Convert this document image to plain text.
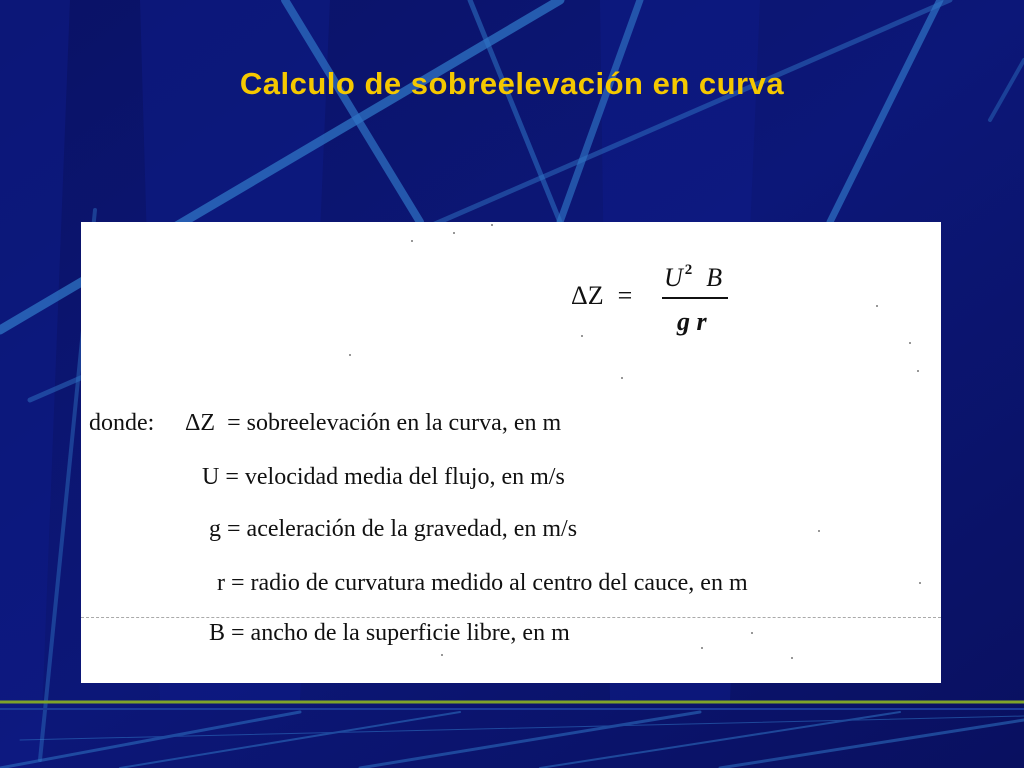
Calculo de sobreelevación en curva
ΔZ =
U $^2$ B
g r
donde: ΔZ  = sobreelevación en la curva, en m
U = velocidad media del flujo, en m/s
g = aceleración de la gravedad, en m/s
r = radio de curvatura medido al centro del cauce, en m
B = ancho de la superficie libre, en m
